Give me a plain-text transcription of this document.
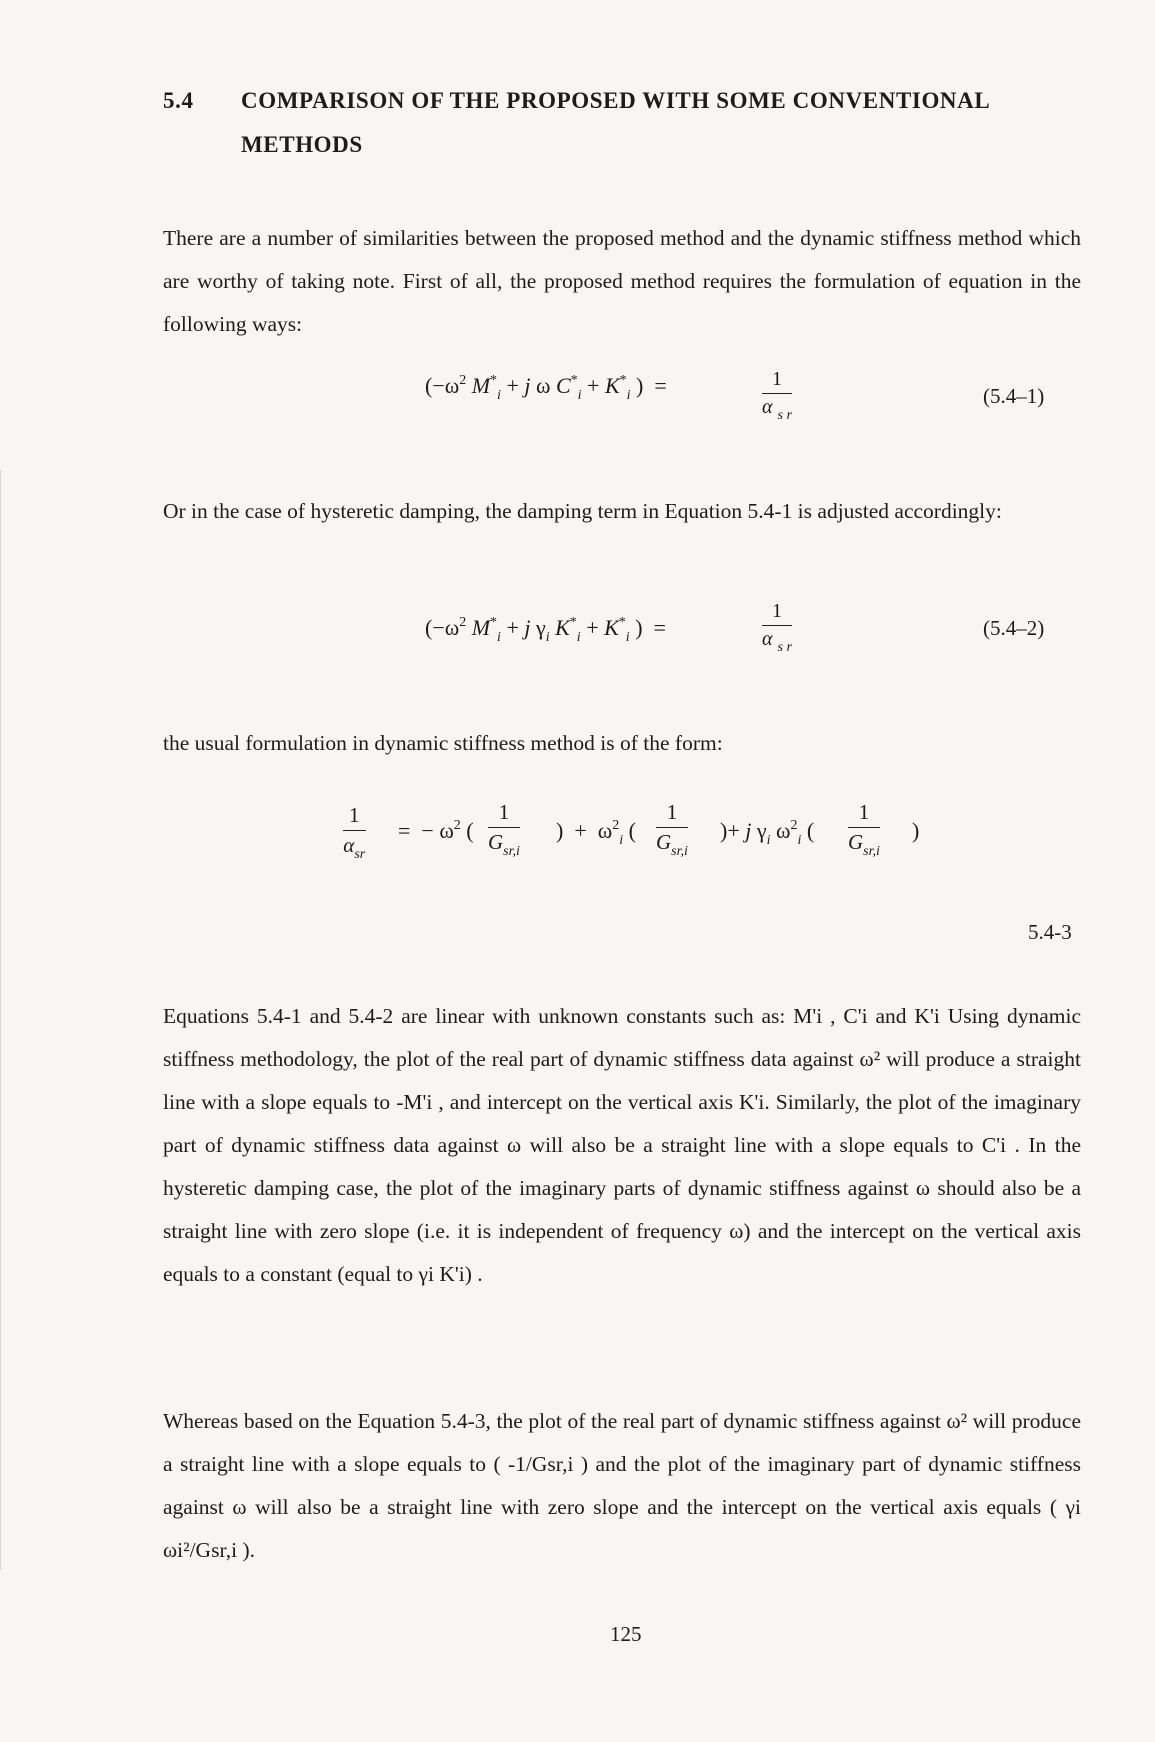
5.4 COMPARISON OF THE PROPOSED WITH SOME CONVENTIONAL
METHODS
There are a number of similarities between the proposed method and the dynamic stiffness method which are worthy of taking note. First of all, the proposed method requires the formulation of equation in the following ways:
($-\omega^2$ $M^*_i + j$ ω $C^*_i + K^*_i$ )  =	$\frac{1}{\alpha _{s r}}$	(5.4–1)
Or in the case of hysteretic damping, the damping term in Equation 5.4-1 is adjusted accordingly:
($-\omega^2$ $M^*_i + j$ $\gamma_i$ $K^*_i + K^*_i$ )  =	$\frac{1}{\alpha _{s r}}$	(5.4–2)
the usual formulation in dynamic stiffness method is of the form:
1
$\alpha_{sr}$
=  − $\omega^2$ (
1
$G_{sr,i}$
)  +  $\omega^2_i$ (
1
$G_{sr,i}$
)+ j $\gamma_i$ $\omega^2_i$ (
1
$G_{sr,i}$
)
5.4-3
Equations 5.4-1 and 5.4-2 are linear with unknown constants such as: M'i , C'i and K'i Using dynamic stiffness methodology, the plot of the real part of dynamic stiffness data against ω² will produce a straight line with a slope equals to -M'i , and intercept on the vertical axis K'i. Similarly, the plot of the imaginary part of dynamic stiffness data against ω will also be a straight line with a slope equals to C'i . In the hysteretic damping case, the plot of the imaginary parts of dynamic stiffness against ω should also be a straight line with zero slope (i.e. it is independent of frequency ω) and the intercept on the vertical axis equals to a constant (equal to γi K'i) .
Whereas based on the Equation 5.4-3, the plot of the real part of dynamic stiffness against ω² will produce a straight line with a slope equals to ( -1/Gsr,i ) and the plot of the imaginary part of dynamic stiffness against ω will also be a straight line with zero slope and the intercept on the vertical axis equals ( γi ωi²/Gsr,i ).
125
